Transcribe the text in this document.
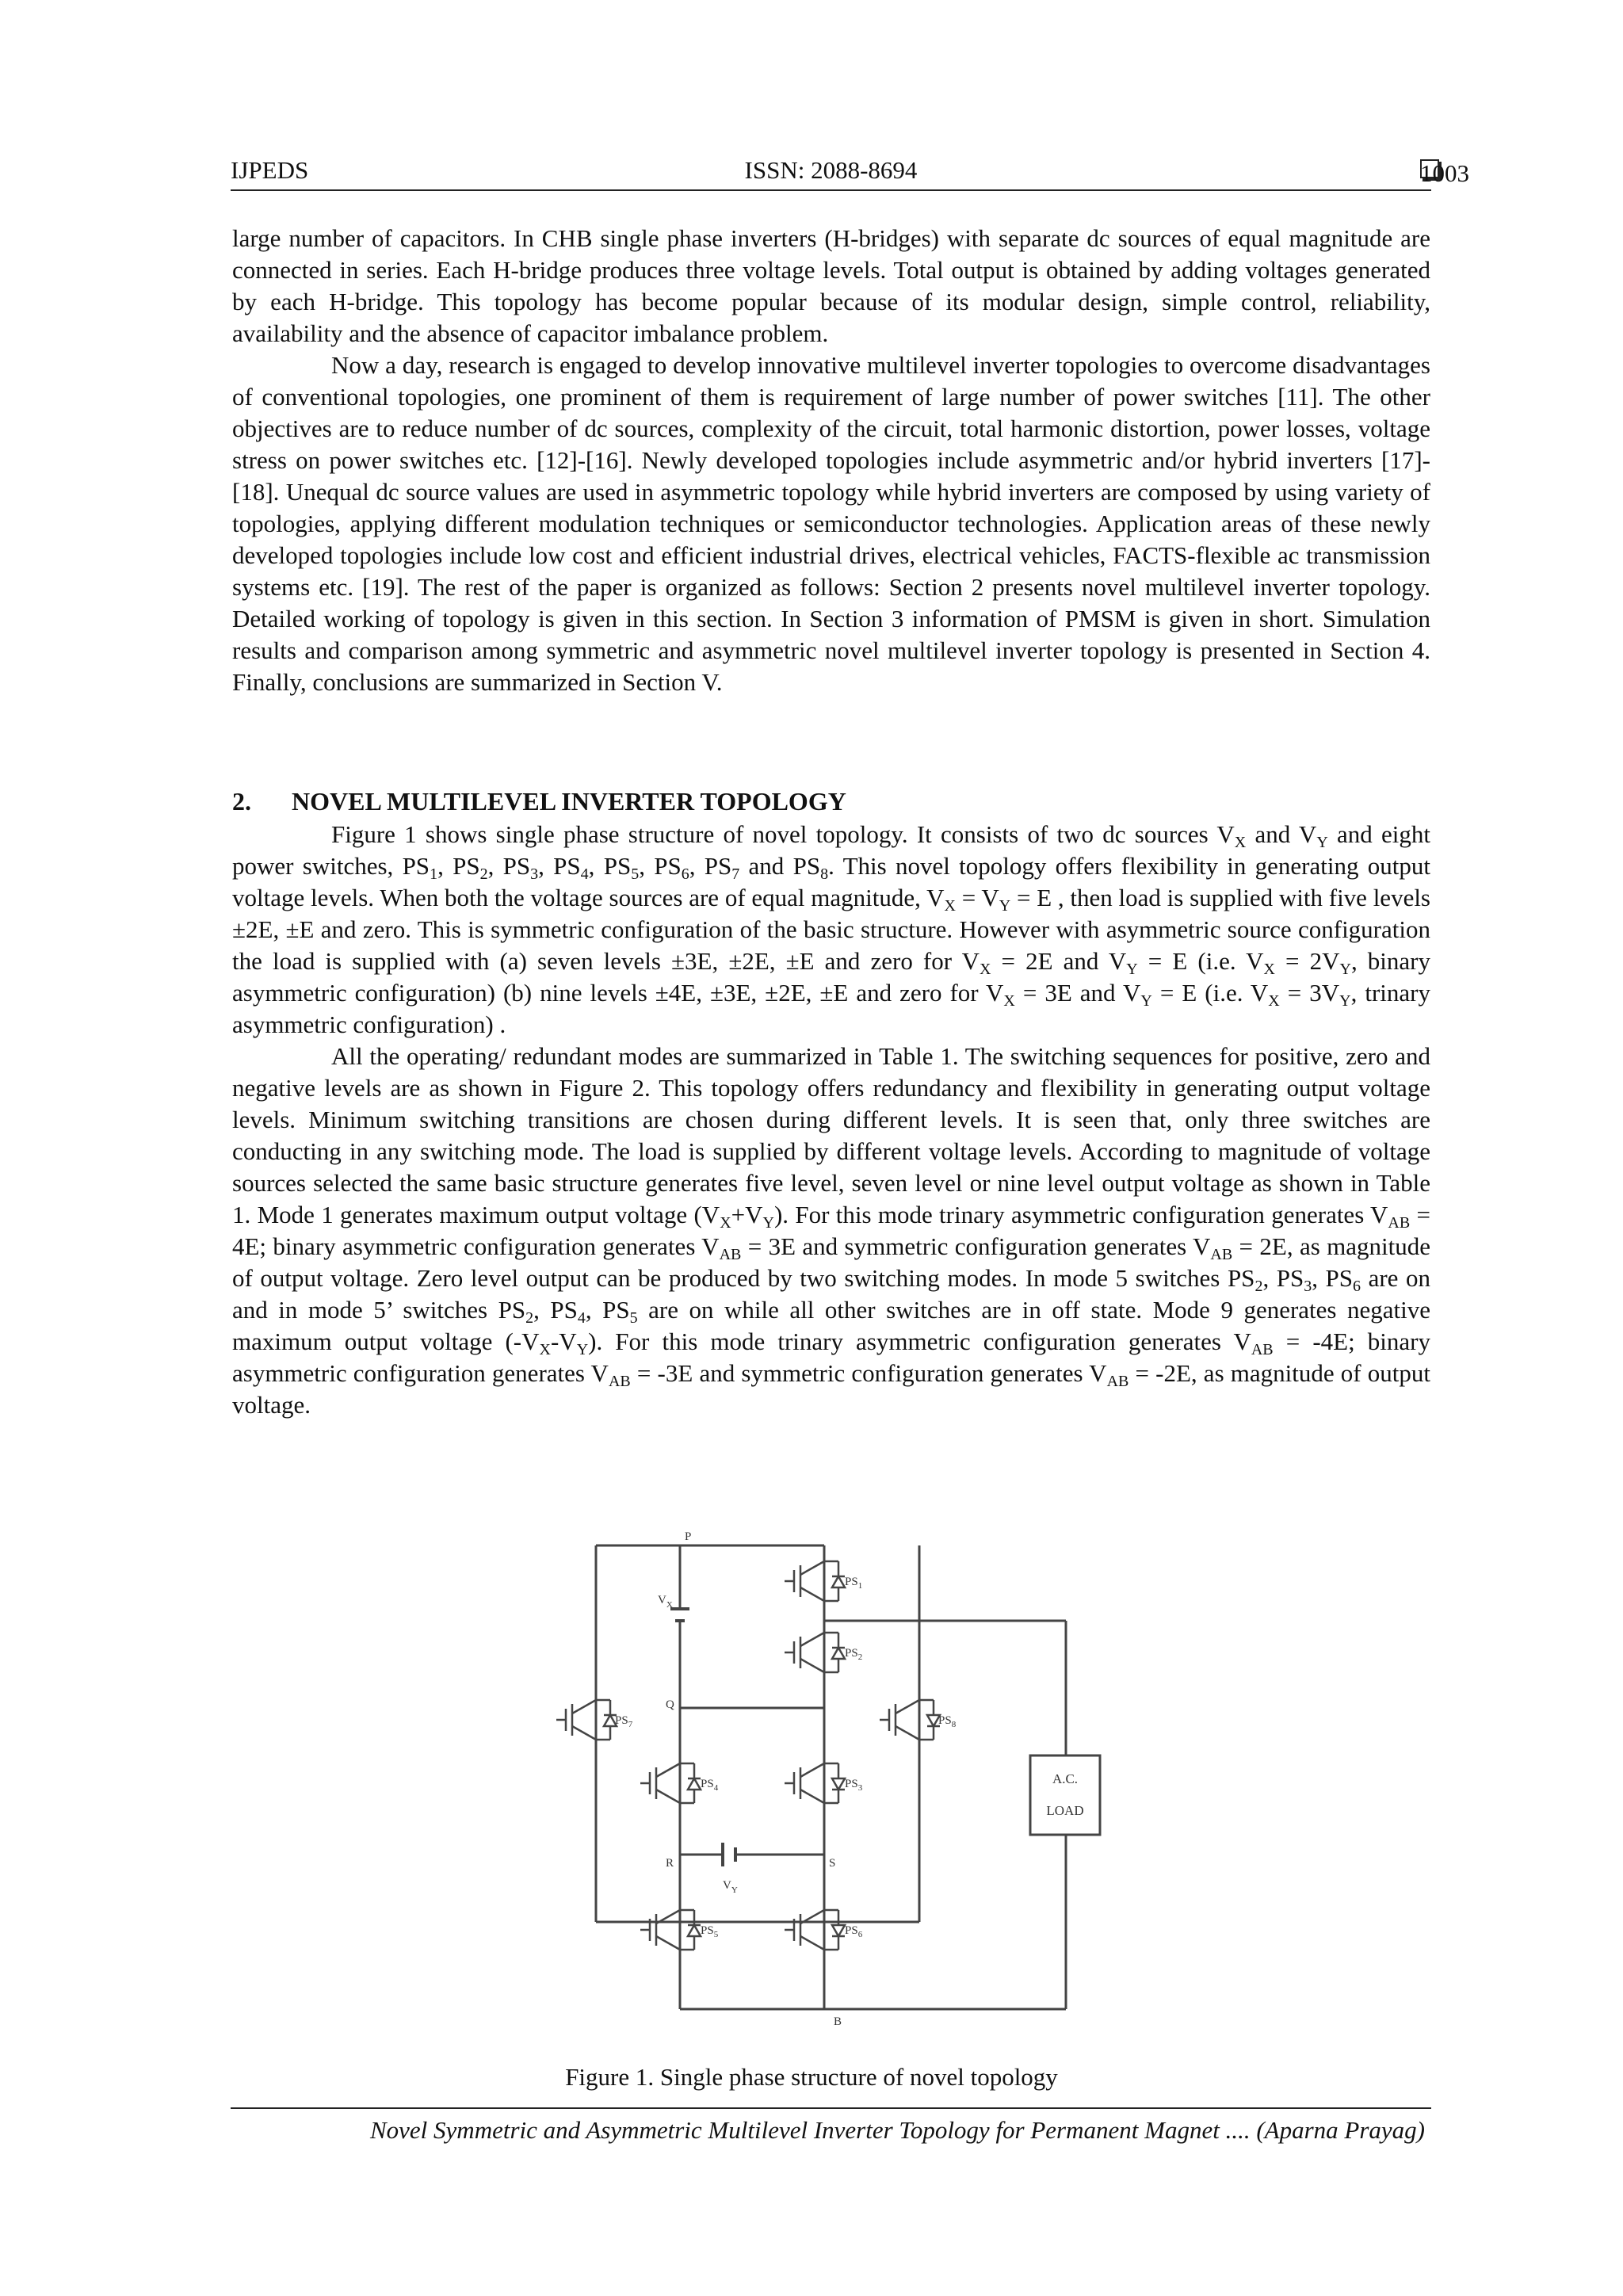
IJPEDS	ISSN: 2088-8694	1003

large number of capacitors. In CHB single phase inverters (H-bridges) with separate dc sources of equal magnitude are connected in series. Each H-bridge produces three voltage levels. Total output is obtained by adding voltages generated by each H-bridge. This topology has become popular because of its modular design, simple control, reliability, availability and the absence of capacitor imbalance problem.

Now a day, research is engaged to develop innovative multilevel inverter topologies to overcome disadvantages of conventional topologies, one prominent of them is requirement of large number of power switches [11]. The other objectives are to reduce number of dc sources, complexity of the circuit, total harmonic distortion, power losses, voltage stress on power switches etc. [12]-[16]. Newly developed topologies include asymmetric and/or hybrid inverters [17]-[18]. Unequal dc source values are used in asymmetric topology while hybrid inverters are composed by using variety of topologies, applying different modulation techniques or semiconductor technologies. Application areas of these newly developed topologies include low cost and efficient industrial drives, electrical vehicles, FACTS-flexible ac transmission systems etc. [19]. The rest of the paper is organized as follows: Section 2 presents novel multilevel inverter topology. Detailed working of topology is given in this section. In Section 3 information of PMSM is given in short. Simulation results and comparison among symmetric and asymmetric novel multilevel inverter topology is presented in Section 4. Finally, conclusions are summarized in Section V.

2. NOVEL MULTILEVEL INVERTER TOPOLOGY

Figure 1 shows single phase structure of novel topology. It consists of two dc sources $V_X$ and $V_Y$ and eight power switches, $PS_1$, $PS_2$, $PS_3$, $PS_4$, $PS_5$, $PS_6$, $PS_7$ and $PS_8$. This novel topology offers flexibility in generating output voltage levels. When both the voltage sources are of equal magnitude, $V_X = V_Y = E$ , then load is supplied with five levels ±2E, ±E and zero. This is symmetric configuration of the basic structure. However with asymmetric source configuration the load is supplied with (a) seven levels ±3E, ±2E, ±E and zero for $V_X = 2E$ and $V_Y = E$ (i.e. $V_X = 2V_Y$, binary asymmetric configuration) (b) nine levels ±4E, ±3E, ±2E, ±E and zero for $V_X = 3E$ and $V_Y = E$ (i.e. $V_X = 3V_Y$, trinary asymmetric configuration) .

All the operating/ redundant modes are summarized in Table 1. The switching sequences for positive, zero and negative levels are as shown in Figure 2. This topology offers redundancy and flexibility in generating output voltage levels. Minimum switching transitions are chosen during different levels. It is seen that, only three switches are conducting in any switching mode. The load is supplied by different voltage levels. According to magnitude of voltage sources selected the same basic structure generates five level, seven level or nine level output voltage as shown in Table 1. Mode 1 generates maximum output voltage $(V_X+V_Y)$. For this mode trinary asymmetric configuration generates $V_{AB} = 4E$; binary asymmetric configuration generates $V_{AB} = 3E$ and symmetric configuration generates $V_{AB} = 2E$, as magnitude of output voltage. Zero level output can be produced by two switching modes. In mode 5 switches $PS_2$, $PS_3$, $PS_6$ are on and in mode 5’ switches $PS_2$, $PS_4$, $PS_5$ are on while all other switches are in off state. Mode 9 generates negative maximum output voltage $(-V_X-V_Y)$. For this mode trinary asymmetric configuration generates $V_{AB} = -4E$; binary asymmetric configuration generates $V_{AB} = -3E$ and symmetric configuration generates $V_{AB} = -2E$, as magnitude of output voltage.

A.C.
LOAD
P
Q
R	S
B
$V_X$
$V_Y$
$PS_1$
$PS_2$
$PS_3$
$PS_4$
$PS_5$	$PS_6$
$PS_7$	$PS_8$
Figure 1. Single phase structure of novel topology
Novel Symmetric and Asymmetric Multilevel Inverter Topology for Permanent Magnet .... (Aparna Prayag)
